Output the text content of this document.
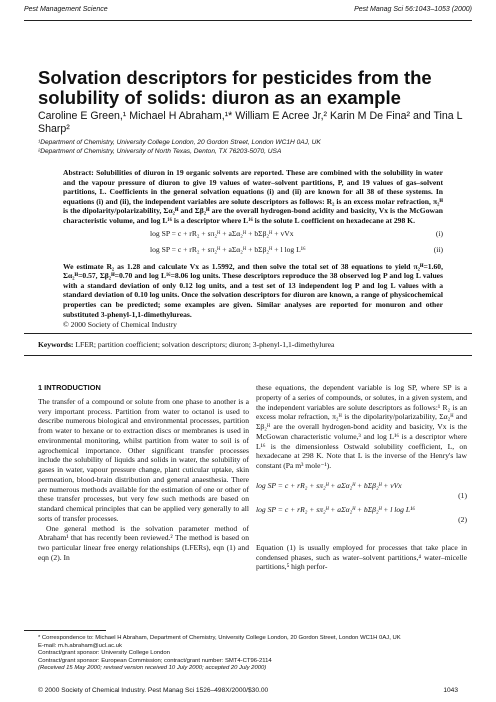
Pest Management Science	Pest Manag Sci 56:1043–1053 (2000)
Solvation descriptors for pesticides from the solubility of solids: diuron as an example
Caroline E Green,¹ Michael H Abraham,¹* William E Acree Jr,² Karin M De Fina² and Tina L Sharp²
¹Department of Chemistry, University College London, 20 Gordon Street, London WC1H 0AJ, UK
²Department of Chemistry, University of North Texas, Denton, TX 76203-5070, USA
Abstract: Solubilities of diuron in 19 organic solvents are reported. These are combined with the solubility in water and the vapour pressure of diuron to give 19 values of water–solvent partitions, P, and 19 values of gas–solvent partitions, L. Coefficients in the general solvation equations (i) and (ii) are known for all 38 of these systems. In equations (i) and (ii), the independent variables are solute descriptors as follows: R₂ is an excess molar refraction, π₂ᴴ is the dipolarity/polarizability, Σα₂ᴴ and Σβ₂ᴴ are the overall hydrogen-bond acidity and basicity, Vx is the McGowan characteristic volume, and log L¹⁶ is a descriptor where L¹⁶ is the solute L coefficient on hexadecane at 298 K.
log SP = c + rR₂ + sπ₂ᴴ + aΣα₂ᴴ + bΣβ₂ᴴ + vVx	(i)
log SP = c + rR₂ + sπ₂ᴴ + aΣα₂ᴴ + bΣβ₂ᴴ + l log L¹⁶	(ii)
We estimate R₂ as 1.28 and calculate Vx as 1.5992, and then solve the total set of 38 equations to yield π₂ᴴ=1.60, Σα₂ᴴ=0.57, Σβ₂ᴴ=0.70 and log L¹⁶=8.06 log units. These descriptors reproduce the 38 observed log P and log L values with a standard deviation of only 0.12 log units, and a test set of 13 independent log P and log L values with a standard deviation of 0.10 log units. Once the solvation descriptors for diuron are known, a range of physicochemical properties can be predicted; some examples are given. Similar analyses are reported for monuron and other substituted 3-phenyl-1,1-dimethylureas.
© 2000 Society of Chemical Industry
Keywords: LFER; partition coefficient; solvation descriptors; diuron; 3-phenyl-1,1-dimethylurea
1 INTRODUCTION

The transfer of a compound or solute from one phase to another is a very important process. Partition from water to octanol is used to describe numerous biological and environmental processes, partition from water to hexane or to extraction discs or membranes is used in environmental monitoring, whilst partition from water to soil is of agrochemical importance. Other significant transfer processes include the solubility of liquids and solids in water, the solubility of gases in water, vapour pressure change, plant cuticular uptake, skin permeation, blood-brain distribution and general anaesthesia. There are numerous methods available for the estimation of one or other of these transfer processes, but very few such methods are based on standard chemical principles that can be applied very generally to all sorts of transfer processes.

One general method is the solvation parameter method of Abraham¹ that has recently been reviewed.² The method is based on two particular linear free energy relationships (LFERs), eqn (1) and eqn (2). In

these equations, the dependent variable is log SP, where SP is a property of a series of compounds, or solutes, in a given system, and the independent variables are solute descriptors as follows:¹ R₂ is an excess molar refraction, π₂ᴴ is the dipolarity/polarizability, Σα₂ᴴ and Σβ₂ᴴ are the overall hydrogen-bond acidity and basicity, Vx is the McGowan characteristic volume,³ and log L¹⁶ is a descriptor where L¹⁶ is the dimensionless Ostwald solubility coefficient, L, on hexadecane at 298 K. Note that L is the inverse of the Henry's law constant (Pa m³ mole⁻¹).

log SP = c + rR₂ + sπ₂ᴴ + aΣα₂ᴴ + bΣβ₂ᴴ + vVx
(1)
log SP = c + rR₂ + sπ₂ᴴ + aΣα₂ᴴ + bΣβ₂ᴴ + l log L¹⁶
(2)

Equation (1) is usually employed for processes that take place in condensed phases, such as water–solvent partitions,⁴ water–micelle partitions,⁵ high perfor-

* Correspondence to: Michael H Abraham, Department of Chemistry, University College London, 20 Gordon Street, London WC1H 0AJ, UK
E-mail: m.h.abraham@ucl.ac.uk
Contract/grant sponsor: University College London
Contract/grant sponsor: European Commission; contract/grant number: SMT4-CT96-2114
(Received 15 May 2000; revised version received 10 July 2000; accepted 20 July 2000)
© 2000 Society of Chemical Industry. Pest Manag Sci 1526–498X/2000/$30.00	1043
